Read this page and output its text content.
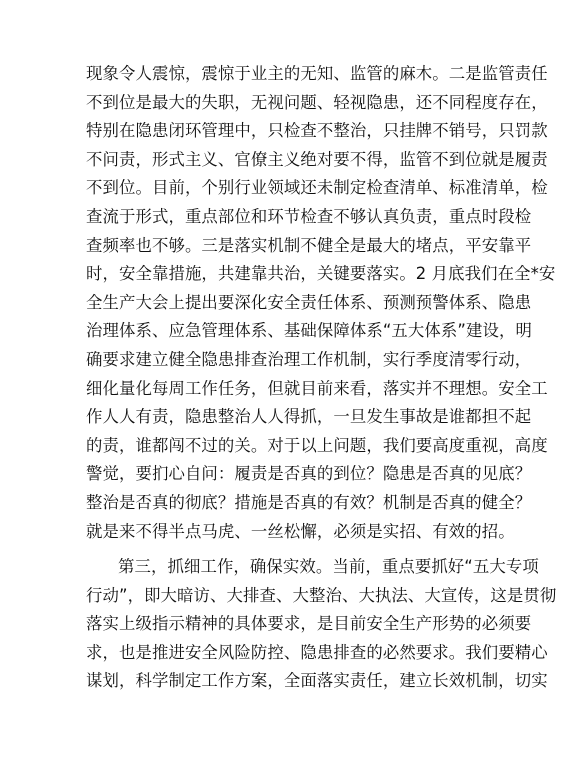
现象令人震惊，震惊于业主的无知、监管的麻木。二是监管责任
不到位是最大的失职，无视问题、轻视隐患，还不同程度存在，
特别在隐患闭环管理中，只检查不整治，只挂牌不销号，只罚款
不问责，形式主义、官僚主义绝对要不得，监管不到位就是履责
不到位。目前，个别行业领域还未制定检查清单、标准清单，检
查流于形式，重点部位和环节检查不够认真负责，重点时段检
查频率也不够。三是落实机制不健全是最大的堵点，平安靠平
时，安全靠措施，共建靠共治，关键要落实。2 月底我们在全*安
全生产大会上提出要深化安全责任体系、预测预警体系、隐患
治理体系、应急管理体系、基础保障体系“五大体系”建设，明
确要求建立健全隐患排查治理工作机制，实行季度清零行动，
细化量化每周工作任务，但就目前来看，落实并不理想。安全工
作人人有责，隐患整治人人得抓，一旦发生事故是谁都担不起
的责，谁都闯不过的关。对于以上问题，我们要高度重视，高度
警觉，要扪心自问：履责是否真的到位？隐患是否真的见底？
整治是否真的彻底？措施是否真的有效？机制是否真的健全？
就是来不得半点马虎、一丝松懈，必须是实招、有效的招。
第三，抓细工作，确保实效。当前，重点要抓好“五大专项
行动”，即大暗访、大排查、大整治、大执法、大宣传，这是贯彻
落实上级指示精神的具体要求，是目前安全生产形势的必须要
求，也是推进安全风险防控、隐患排查的必然要求。我们要精心
谋划，科学制定工作方案，全面落实责任，建立长效机制，切实
